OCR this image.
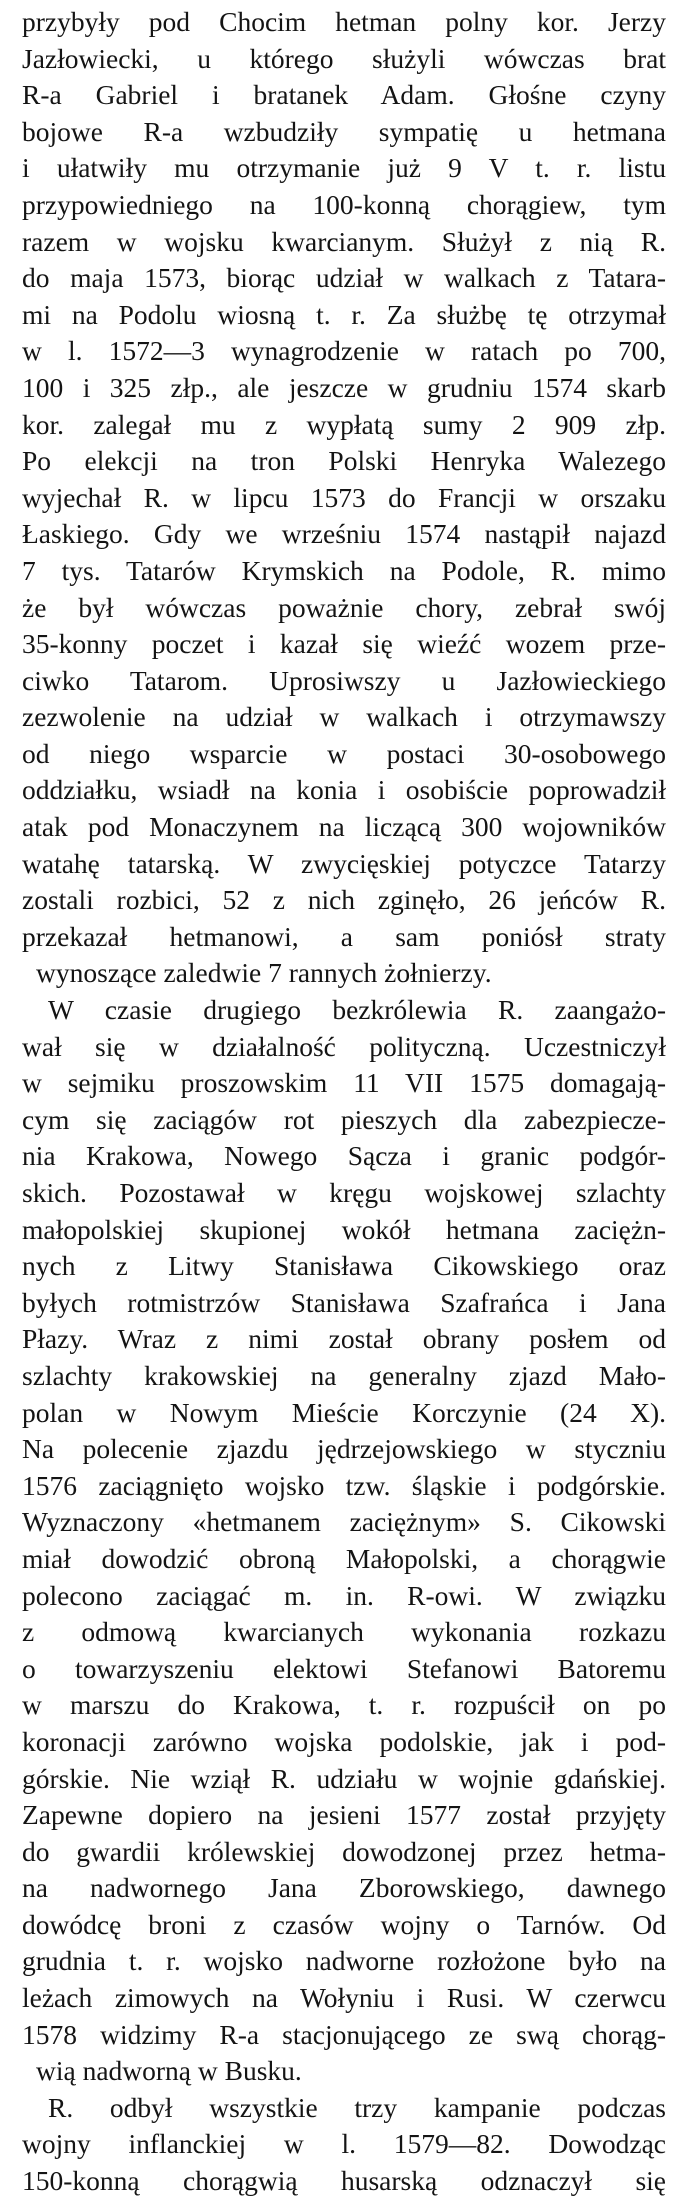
przybyły pod Chocim hetman polny kor. Jerzy
Jazłowiecki, u którego służyli wówczas brat
R-a Gabriel i bratanek Adam. Głośne czyny
bojowe R-a wzbudziły sympatię u hetmana
i ułatwiły mu otrzymanie już 9 V t. r. listu
przypowiedniego na 100-konną chorągiew, tym
razem w wojsku kwarcianym. Służył z nią R.
do maja 1573, biorąc udział w walkach z Tatara-
mi na Podolu wiosną t. r. Za służbę tę otrzymał
w l. 1572—3 wynagrodzenie w ratach po 700,
100 i 325 złp., ale jeszcze w grudniu 1574 skarb
kor. zalegał mu z wypłatą sumy 2 909 złp.
Po elekcji na tron Polski Henryka Walezego
wyjechał R. w lipcu 1573 do Francji w orszaku
Łaskiego. Gdy we wrześniu 1574 nastąpił najazd
7 tys. Tatarów Krymskich na Podole, R. mimo
że był wówczas poważnie chory, zebrał swój
35-konny poczet i kazał się wieźć wozem prze-
ciwko Tatarom. Uprosiwszy u Jazłowieckiego
zezwolenie na udział w walkach i otrzymawszy
od niego wsparcie w postaci 30-osobowego
oddziałku, wsiadł na konia i osobiście poprowadził
atak pod Monaczynem na liczącą 300 wojowników
watahę tatarską. W zwycięskiej potyczce Tatarzy
zostali rozbici, 52 z nich zginęło, 26 jeńców R.
przekazał hetmanowi, a sam poniósł straty
wynoszące zaledwie 7 rannych żołnierzy.
W czasie drugiego bezkrólewia R. zaangażo-
wał się w działalność polityczną. Uczestniczył
w sejmiku proszowskim 11 VII 1575 domagają-
cym się zaciągów rot pieszych dla zabezpieczе-
nia Krakowa, Nowego Sącza i granic podgór-
skich. Pozostawał w kręgu wojskowej szlachty
małopolskiej skupionej wokół hetmana zaciężn-
nych z Litwy Stanisława Cikowskiego oraz
byłych rotmistrzów Stanisława Szafrańca i Jana
Płazy. Wraz z nimi został obrany posłem od
szlachty krakowskiej na generalny zjazd Mało-
polan w Nowym Mieście Korczynie (24 X).
Na polecenie zjazdu jędrzejowskiego w styczniu
1576 zaciągnięto wojsko tzw. śląskie i podgórskie.
Wyznaczony «hetmanem zaciężnym» S. Cikowski
miał dowodzić obroną Małopolski, a chorągwie
polecono zaciągać m. in. R-owi. W związku
z odmową kwarcianych wykonania rozkazu
o towarzyszeniu elektowi Stefanowi Batoremu
w marszu do Krakowa, t. r. rozpuścił on po
koronacji zarówno wojska podolskie, jak i pod-
górskie. Nie wziął R. udziału w wojnie gdańskiej.
Zapewne dopiero na jesieni 1577 został przyjęty
do gwardii królewskiej dowodzonej przez hetma-
na nadwornego Jana Zborowskiego, dawnego
dowódcę broni z czasów wojny o Tarnów. Od
grudnia t. r. wojsko nadworne rozłożone było na
leżach zimowych na Wołyniu i Rusi. W czerwcu
1578 widzimy R-a stacjonującego ze swą chorąg-
wią nadworną w Busku.
R. odbył wszystkie trzy kampanie podczas
wojny inflanckiej w l. 1579—82. Dowodząc
150-konną chorągwią husarską odznaczył się
